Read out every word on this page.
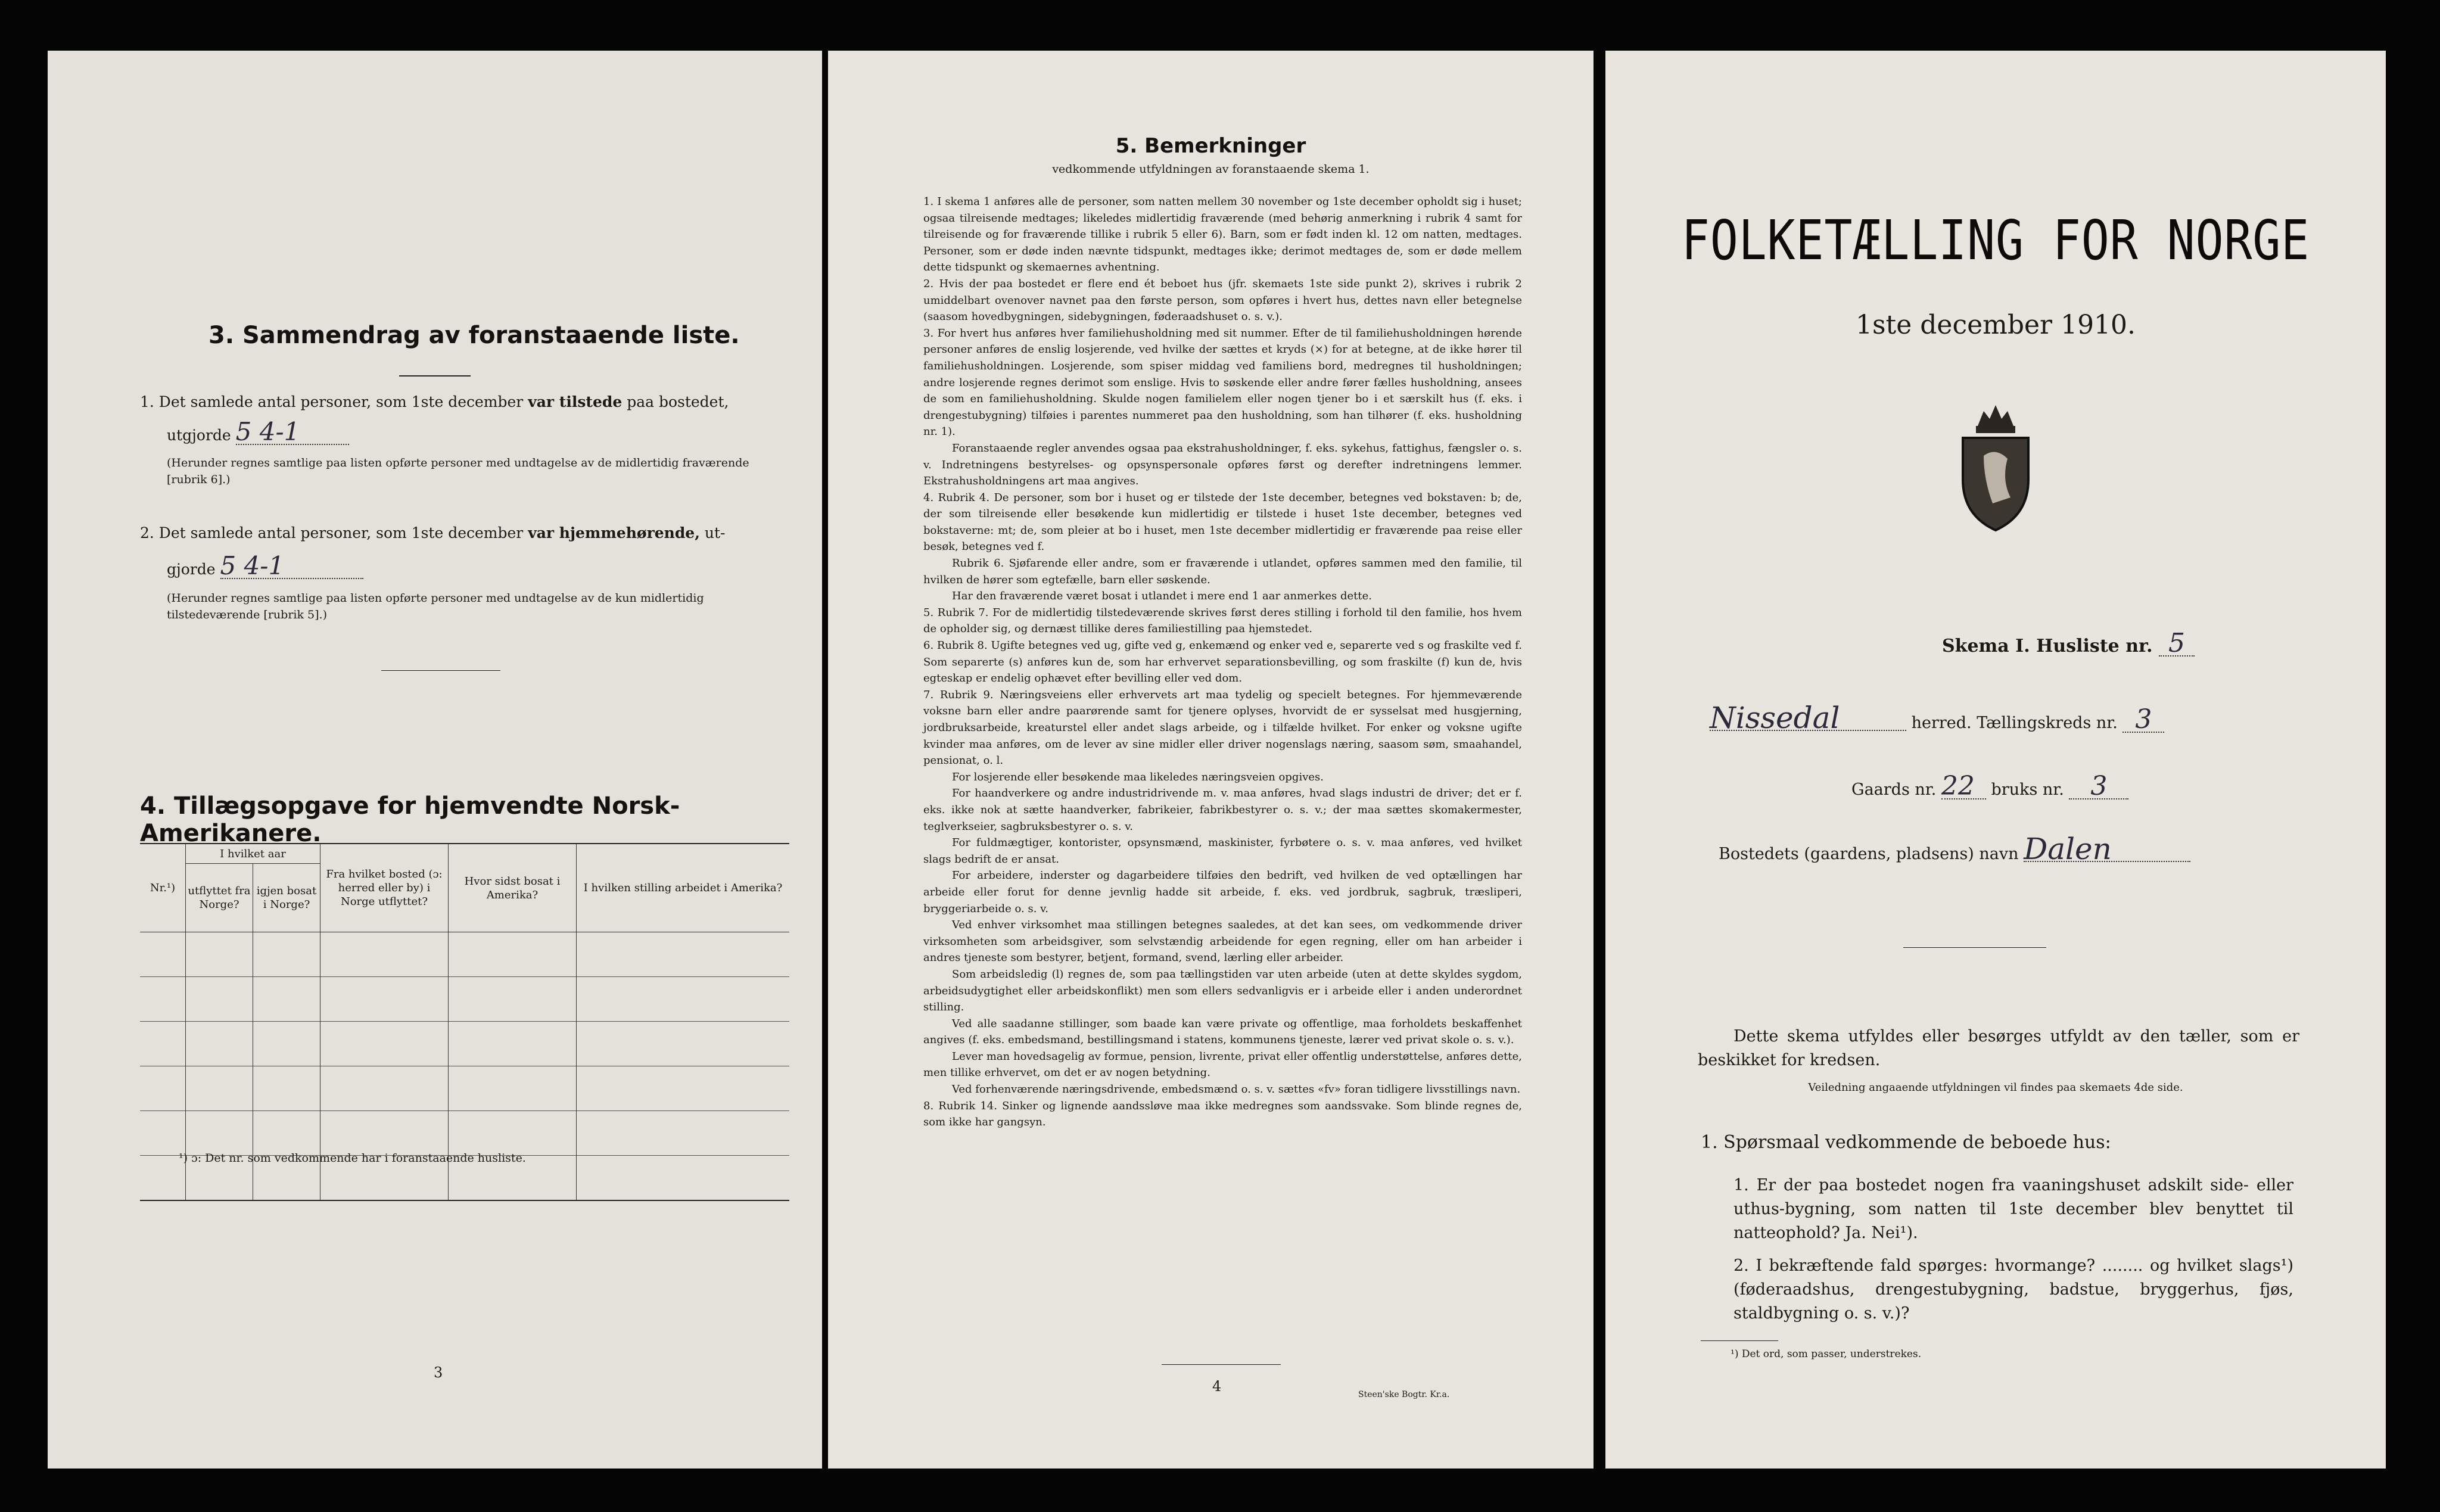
3. Sammendrag av foranstaaende liste.
1. Det samlede antal personer, som 1ste december var tilstede paa bostedet,
utgjorde 5 4-1
(Herunder regnes samtlige paa listen opførte personer med undtagelse av de midlertidig fraværende [rubrik 6].)
2. Det samlede antal personer, som 1ste december var hjemmehørende, ut-
gjorde 5 4-1
(Herunder regnes samtlige paa listen opførte personer med undtagelse av de kun midlertidig tilstedeværende [rubrik 5].)
4. Tillægsopgave for hjemvendte Norsk-Amerikanere.
Nr.¹)	I hvilket aar		Fra hvilket bosted (ɔ: herred eller by) i Norge utflyttet?	Hvor sidst bosat i Amerika?	I hvilken stilling arbeidet i Amerika?
	utflyttet fra Norge?	igjen bosat i Norge?			

¹) ɔ: Det nr. som vedkommende har i foranstaaende husliste.
3
5. Bemerkninger
vedkommende utfyldningen av foranstaaende skema 1.

1. I skema 1 anføres alle de personer, som natten mellem 30 november og 1ste december opholdt sig i huset; ogsaa tilreisende medtages; likeledes midlertidig fraværende (med behørig anmerkning i rubrik 4 samt for tilreisende og for fraværende tillike i rubrik 5 eller 6). Barn, som er født inden kl. 12 om natten, medtages. Personer, som er døde inden nævnte tidspunkt, medtages ikke; derimot medtages de, som er døde mellem dette tidspunkt og skemaernes avhentning.

2. Hvis der paa bostedet er flere end ét beboet hus (jfr. skemaets 1ste side punkt 2), skrives i rubrik 2 umiddelbart ovenover navnet paa den første person, som opføres i hvert hus, dettes navn eller betegnelse (saasom hovedbygningen, sidebygningen, føderaadshuset o. s. v.).

3. For hvert hus anføres hver familiehusholdning med sit nummer. Efter de til familiehusholdningen hørende personer anføres de enslig losjerende, ved hvilke der sættes et kryds (×) for at betegne, at de ikke hører til familiehusholdningen. Losjerende, som spiser middag ved familiens bord, medregnes til husholdningen; andre losjerende regnes derimot som enslige. Hvis to søskende eller andre fører fælles husholdning, ansees de som en familiehusholdning. Skulde nogen familielem eller nogen tjener bo i et særskilt hus (f. eks. i drengestubygning) tilføies i parentes nummeret paa den husholdning, som han tilhører (f. eks. husholdning nr. 1).

Foranstaaende regler anvendes ogsaa paa ekstrahusholdninger, f. eks. sykehus, fattighus, fængsler o. s. v. Indretningens bestyrelses- og opsynspersonale opføres først og derefter indretningens lemmer. Ekstrahusholdningens art maa angives.

4. Rubrik 4. De personer, som bor i huset og er tilstede der 1ste december, betegnes ved bokstaven: b; de, der som tilreisende eller besøkende kun midlertidig er tilstede i huset 1ste december, betegnes ved bokstaverne: mt; de, som pleier at bo i huset, men 1ste december midlertidig er fraværende paa reise eller besøk, betegnes ved f.

Rubrik 6. Sjøfarende eller andre, som er fraværende i utlandet, opføres sammen med den familie, til hvilken de hører som egtefælle, barn eller søskende.

Har den fraværende været bosat i utlandet i mere end 1 aar anmerkes dette.

5. Rubrik 7. For de midlertidig tilstedeværende skrives først deres stilling i forhold til den familie, hos hvem de opholder sig, og dernæst tillike deres familiestilling paa hjemstedet.

6. Rubrik 8. Ugifte betegnes ved ug, gifte ved g, enkemænd og enker ved e, separerte ved s og fraskilte ved f. Som separerte (s) anføres kun de, som har erhvervet separationsbevilling, og som fraskilte (f) kun de, hvis egteskap er endelig ophævet efter bevilling eller ved dom.

7. Rubrik 9. Næringsveiens eller erhvervets art maa tydelig og specielt betegnes. For hjemmeværende voksne barn eller andre paarørende samt for tjenere oplyses, hvorvidt de er sysselsat med husgjerning, jordbruksarbeide, kreaturstel eller andet slags arbeide, og i tilfælde hvilket. For enker og voksne ugifte kvinder maa anføres, om de lever av sine midler eller driver nogenslags næring, saasom søm, smaahandel, pensionat, o. l.

For losjerende eller besøkende maa likeledes næringsveien opgives.

For haandverkere og andre industridrivende m. v. maa anføres, hvad slags industri de driver; det er f. eks. ikke nok at sætte haandverker, fabrikeier, fabrikbestyrer o. s. v.; der maa sættes skomakermester, teglverkseier, sagbruksbestyrer o. s. v.

For fuldmægtiger, kontorister, opsynsmænd, maskinister, fyrbøtere o. s. v. maa anføres, ved hvilket slags bedrift de er ansat.

For arbeidere, inderster og dagarbeidere tilføies den bedrift, ved hvilken de ved optællingen har arbeide eller forut for denne jevnlig hadde sit arbeide, f. eks. ved jordbruk, sagbruk, træsliperi, bryggeriarbeide o. s. v.

Ved enhver virksomhet maa stillingen betegnes saaledes, at det kan sees, om vedkommende driver virksomheten som arbeidsgiver, som selvstændig arbeidende for egen regning, eller om han arbeider i andres tjeneste som bestyrer, betjent, formand, svend, lærling eller arbeider.

Som arbeidsledig (l) regnes de, som paa tællingstiden var uten arbeide (uten at dette skyldes sygdom, arbeidsudygtighet eller arbeidskonflikt) men som ellers sedvanligvis er i arbeide eller i anden underordnet stilling.

Ved alle saadanne stillinger, som baade kan være private og offentlige, maa forholdets beskaffenhet angives (f. eks. embedsmand, bestillingsmand i statens, kommunens tjeneste, lærer ved privat skole o. s. v.).

Lever man hovedsagelig av formue, pension, livrente, privat eller offentlig understøttelse, anføres dette, men tillike erhvervet, om det er av nogen betydning.

Ved forhenværende næringsdrivende, embedsmænd o. s. v. sættes «fv» foran tidligere livsstillings navn.

8. Rubrik 14. Sinker og lignende aandssløve maa ikke medregnes som aandssvake. Som blinde regnes de, som ikke har gangsyn.

4	Steen'ske Bogtr. Kr.a.
FOLKETÆLLING FOR NORGE
1ste december 1910.
Skema I. Husliste nr. 5
Nissedal	herred. Tællingskreds nr. 3
Gaards nr. 22 bruks nr. 3
Bostedets (gaardens, pladsens) navn Dalen
Dette skema utfyldes eller besørges utfyldt av den tæller, som er beskikket for kredsen.
Veiledning angaaende utfyldningen vil findes paa skemaets 4de side.
1. Spørsmaal vedkommende de beboede hus:
1. Er der paa bostedet nogen fra vaaningshuset adskilt side- eller uthus-bygning, som natten til 1ste december blev benyttet til natteophold? Ja. Nei¹).
2. I bekræftende fald spørges: hvormange? ........ og hvilket slags¹) (føderaadshus, drengestubygning, badstue, bryggerhus, fjøs, staldbygning o. s. v.)?
¹) Det ord, som passer, understrekes.
